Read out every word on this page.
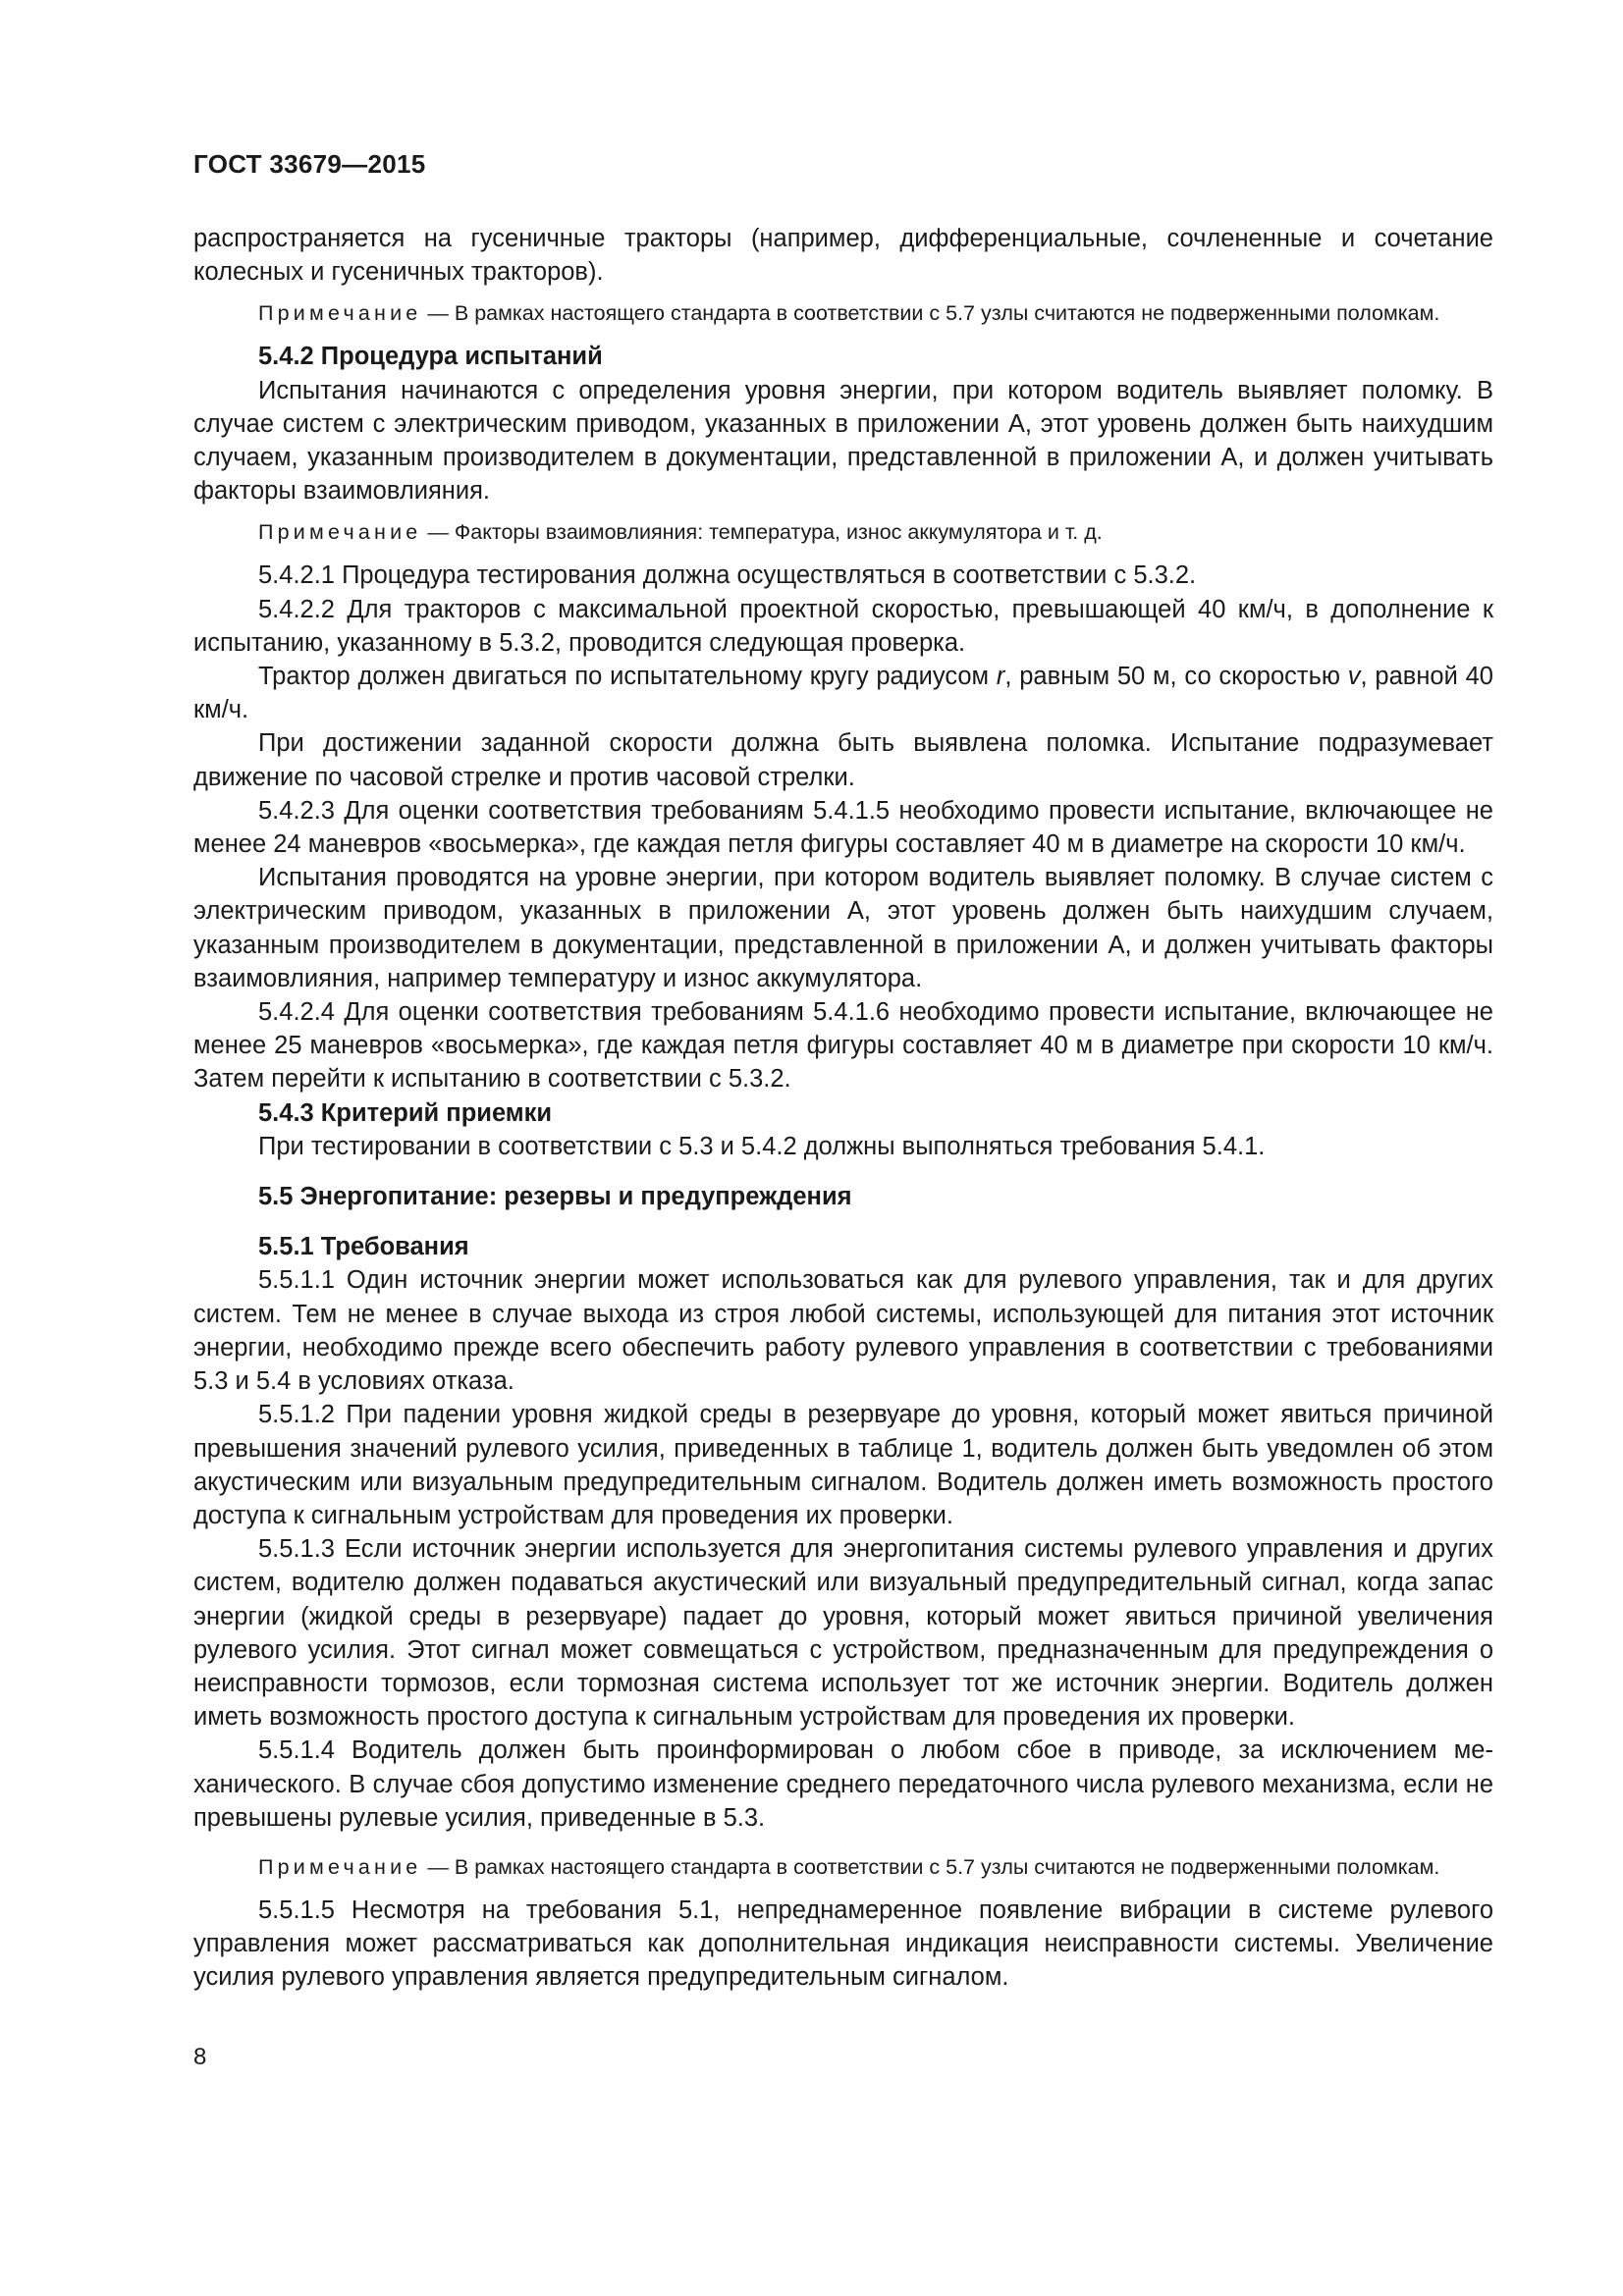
ГОСТ 33679—2015

распространяется на гусеничные тракторы (например, дифференциальные, сочлененные и сочетание колесных и гусеничных тракторов).

Примечание — В рамках настоящего стандарта в соответствии с 5.7 узлы считаются не подверженными поломкам.

5.4.2 Процедура испытаний

Испытания начинаются с определения уровня энергии, при котором водитель выявляет поломку. В случае систем с электрическим приводом, указанных в приложении А, этот уровень должен быть наихудшим случаем, указанным производителем в документации, представленной в приложении А, и должен учитывать факторы взаимовлияния.

Примечание — Факторы взаимовлияния: температура, износ аккумулятора и т. д.

5.4.2.1 Процедура тестирования должна осуществляться в соответствии с 5.3.2.

5.4.2.2 Для тракторов с максимальной проектной скоростью, превышающей 40 км/ч, в дополнение к испытанию, указанному в 5.3.2, проводится следующая проверка.

Трактор должен двигаться по испытательному кругу радиусом r, равным 50 м, со скоростью v, равной 40 км/ч.

При достижении заданной скорости должна быть выявлена поломка. Испытание подразумевает движение по часовой стрелке и против часовой стрелки.

5.4.2.3 Для оценки соответствия требованиям 5.4.1.5 необходимо провести испытание, включающее не менее 24 маневров «восьмерка», где каждая петля фигуры составляет 40 м в диаметре на скорости 10 км/ч.

Испытания проводятся на уровне энергии, при котором водитель выявляет поломку. В случае систем с электрическим приводом, указанных в приложении А, этот уровень должен быть наихудшим случаем, указанным производителем в документации, представленной в приложении А, и должен учитывать факторы взаимовлияния, например температуру и износ аккумулятора.

5.4.2.4 Для оценки соответствия требованиям 5.4.1.6 необходимо провести испытание, включающее не менее 25 маневров «восьмерка», где каждая петля фигуры составляет 40 м в диаметре при скорости 10 км/ч. Затем перейти к испытанию в соответствии с 5.3.2.

5.4.3 Критерий приемки

При тестировании в соответствии с 5.3 и 5.4.2 должны выполняться требования 5.4.1.

5.5 Энергопитание: резервы и предупреждения

5.5.1 Требования

5.5.1.1 Один источник энергии может использоваться как для рулевого управления, так и для других систем. Тем не менее в случае выхода из строя любой системы, использующей для питания этот источник энергии, необходимо прежде всего обеспечить работу рулевого управления в соответствии с требованиями 5.3 и 5.4 в условиях отказа.

5.5.1.2 При падении уровня жидкой среды в резервуаре до уровня, который может явиться причиной превышения значений рулевого усилия, приведенных в таблице 1, водитель должен быть уведомлен об этом акустическим или визуальным предупредительным сигналом. Водитель должен иметь возможность простого доступа к сигнальным устройствам для проведения их проверки.

5.5.1.3 Если источник энергии используется для энергопитания системы рулевого управления и других систем, водителю должен подаваться акустический или визуальный предупредительный сигнал, когда запас энергии (жидкой среды в резервуаре) падает до уровня, который может явиться причиной увеличения рулевого усилия. Этот сигнал может совмещаться с устройством, предназначенным для предупреждения о неисправности тормозов, если тормозная система использует тот же источник энергии. Водитель должен иметь возможность простого доступа к сигнальным устройствам для проведения их проверки.

5.5.1.4 Водитель должен быть проинформирован о любом сбое в приводе, за исключением механического. В случае сбоя допустимо изменение среднего передаточного числа рулевого механизма, если не превышены рулевые усилия, приведенные в 5.3.

Примечание — В рамках настоящего стандарта в соответствии с 5.7 узлы считаются не подверженными поломкам.

5.5.1.5 Несмотря на требования 5.1, непреднамеренное появление вибрации в системе рулевого управления может рассматриваться как дополнительная индикация неисправности системы. Увеличение усилия рулевого управления является предупредительным сигналом.

8
